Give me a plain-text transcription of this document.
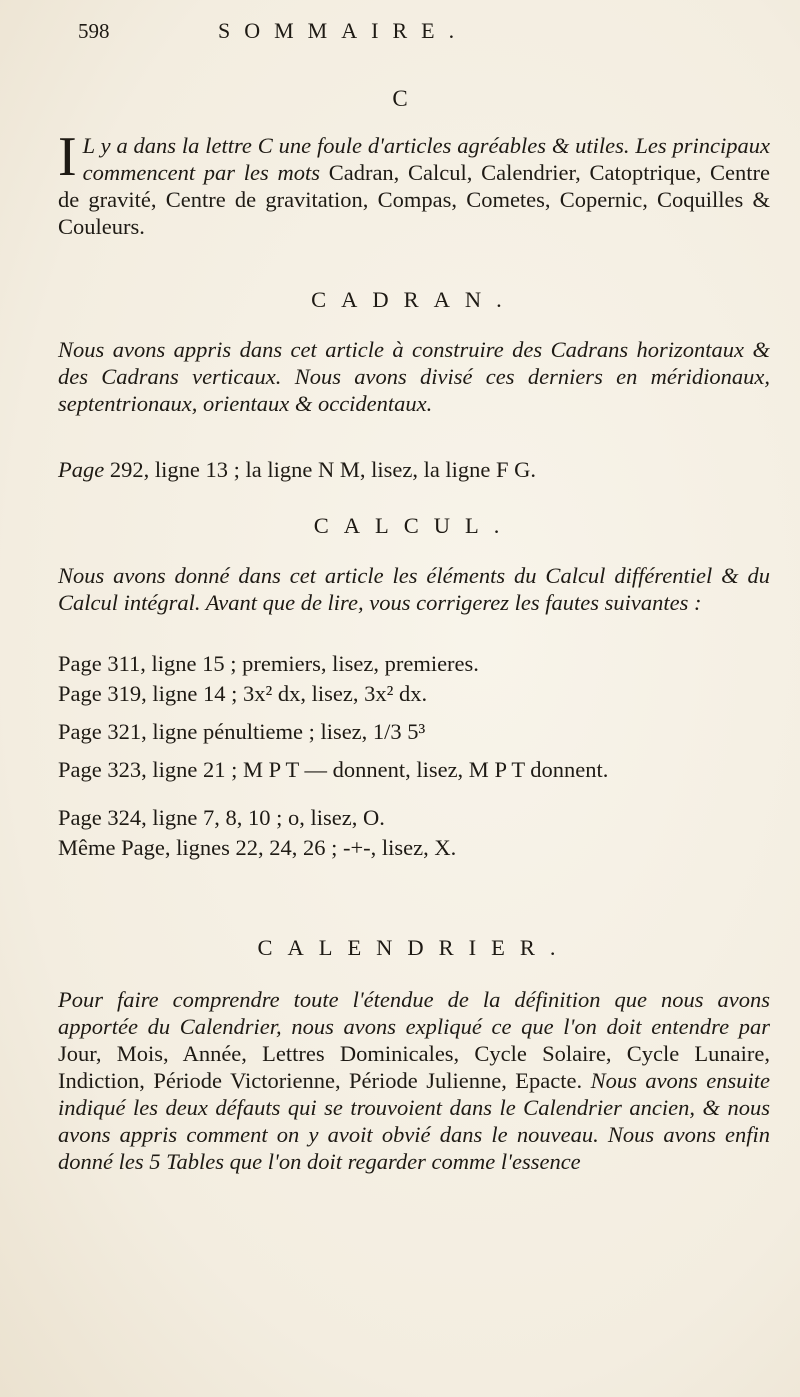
598	SOMMAIRE.
C
I L y a dans la lettre C une foule d'articles agréables & utiles. Les principaux commencent par les mots Cadran, Calcul, Calendrier, Catoptrique, Centre de gravité, Centre de gravitation, Compas, Cometes, Copernic, Coquilles & Couleurs.
CADRAN.
Nous avons appris dans cet article à construire des Cadrans horizontaux & des Cadrans verticaux. Nous avons divisé ces derniers en méridionaux, septentrionaux, orientaux & occidentaux.
Page 292, ligne 13 ; la ligne N M, lisez, la ligne F G.
CALCUL.
Nous avons donné dans cet article les éléments du Calcul différentiel & du Calcul intégral. Avant que de lire, vous corrigerez les fautes suivantes :
Page 311, ligne 15 ; premiers, lisez, premieres.
Page 319, ligne 14 ; 3x² dx, lisez, 3x² dx.
Page 321, ligne pénultieme ; lisez, 1/3 5³
Page 323, ligne 21 ; M P T — donnent, lisez, M P T donnent.
Page 324, ligne 7, 8, 10 ; o, lisez, O.
Même Page, lignes 22, 24, 26 ; -+-, lisez, X.
CALENDRIER.
Pour faire comprendre toute l'étendue de la définition que nous avons apportée du Calendrier, nous avons expliqué ce que l'on doit entendre par Jour, Mois, Année, Lettres Dominicales, Cycle Solaire, Cycle Lunaire, Indiction, Période Victorienne, Période Julienne, Epacte. Nous avons ensuite indiqué les deux défauts qui se trouvoient dans le Calendrier ancien, & nous avons appris comment on y avoit obvié dans le nouveau. Nous avons enfin donné les 5 Tables que l'on doit regarder comme l'essence
